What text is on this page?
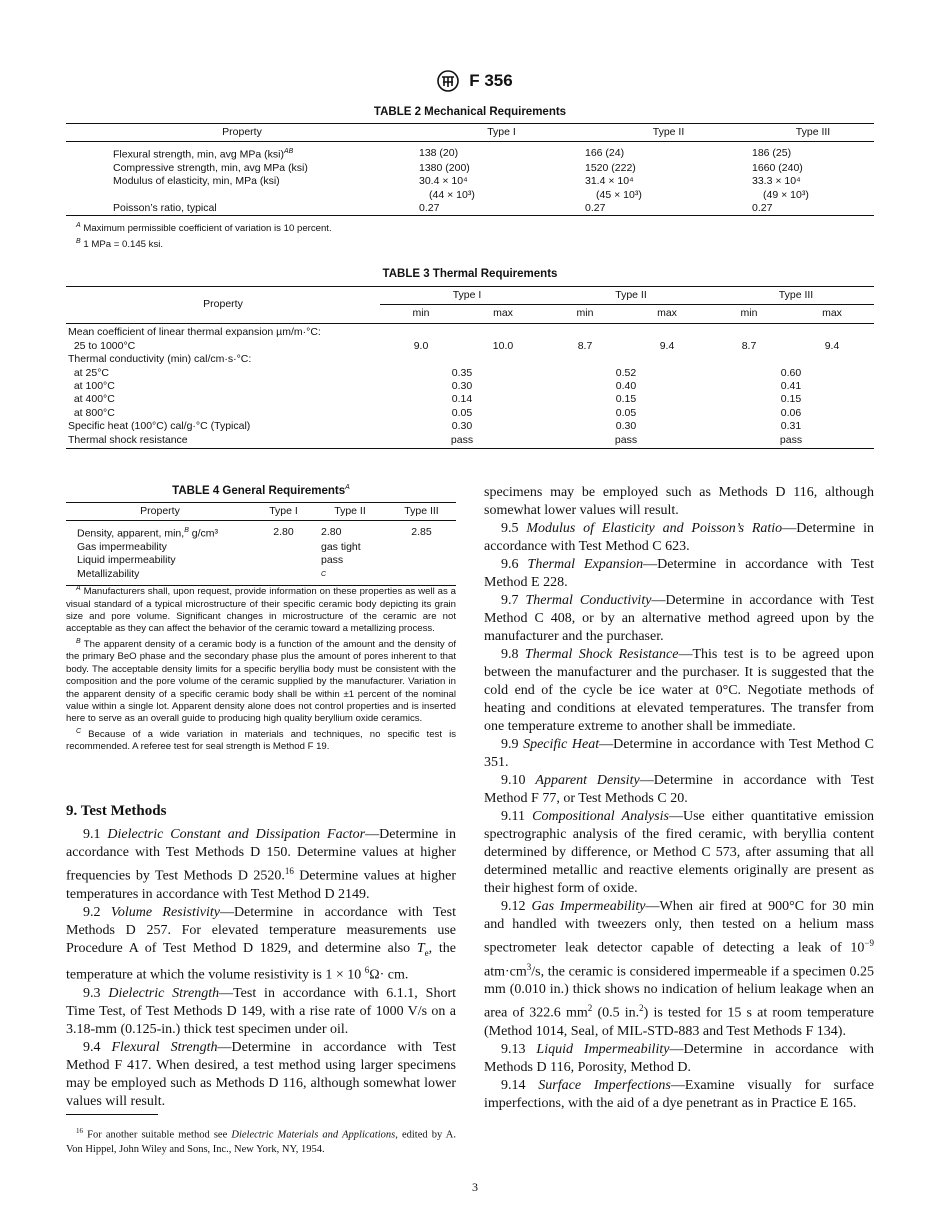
F 356
TABLE 2 Mechanical Requirements
Property	Type I	Type II	Type III

Flexural strength, min, avg MPa (ksi)$^{AB}$	138 (20)	166 (24)	186 (25)
Compressive strength, min, avg MPa (ksi)	1380 (200)	1520 (222)	1660 (240)
Modulus of elasticity, min, MPa (ksi)	30.4 × 10⁴	31.4 × 10⁴	33.3 × 10⁴
	(44 × 10³)	(45 × 10³)	(49 × 10³)
Poisson’s ratio, typical	0.27	0.27	0.27
$^A$ Maximum permissible coefficient of variation is 10 percent.
$^B$ 1 MPa = 0.145 ksi.
TABLE 3 Thermal Requirements
Property	Type I		Type II		Type III	
	min	max	min	max	min	max

Mean coefficient of linear thermal expansion µm/m·°C:						
25 to 1000°C	9.0	10.0	8.7	9.4	8.7	9.4
Thermal conductivity (min) cal/cm·s·°C:						
at 25°C	0.35		0.52		0.60	
at 100°C	0.30		0.40		0.41	
at 400°C	0.14		0.15		0.15	
at 800°C	0.05		0.05		0.06	
Specific heat (100°C) cal/g·°C (Typical)	0.30		0.30		0.31	
Thermal shock resistance	pass		pass		pass	

TABLE 4 General Requirements$^A$
Property	Type I	Type II	Type III

Density, apparent, min,$^B$ g/cm³	2.80	2.80	2.85
Gas impermeability		gas tight	
Liquid impermeability		pass	
Metallizability		$^C$	
$^A$ Manufacturers shall, upon request, provide information on these properties as well as a visual standard of a typical microstructure of their specific ceramic body depicting its grain size and pore volume. Significant changes in microstructure of the ceramic are not acceptable as they can affect the behavior of the ceramic toward a metallizing process.
$^B$ The apparent density of a ceramic body is a function of the amount and the density of the primary BeO phase and the secondary phase plus the amount of pores inherent to that body. The acceptable density limits for a specific beryllia body must be consistent with the composition and the pore volume of the ceramic supplied by the manufacturer. Variation in the apparent density of a specific ceramic body shall be within ±1 percent of the nominal value within a single lot. Apparent density alone does not control properties and is inserted here to serve as an overall guide to producing high quality beryllium oxide ceramics.
$^C$ Because of a wide variation in materials and techniques, no specific test is recommended. A referee test for seal strength is Method F 19.
9. Test Methods

9.1 Dielectric Constant and Dissipation Factor—Determine in accordance with Test Methods D 150. Determine values at higher frequencies by Test Methods D 2520.16 Determine values at higher temperatures in accordance with Test Method D 2149.

9.2 Volume Resistivity—Determine in accordance with Test Methods D 257. For elevated temperature measurements use Procedure A of Test Method D 1829, and determine also $T_e$, the temperature at which the volume resistivity is 1 × 10 $^6$Ω· cm.

9.3 Dielectric Strength—Test in accordance with 6.1.1, Short Time Test, of Test Methods D 149, with a rise rate of 1000 V/s on a 3.18-mm (0.125-in.) thick test specimen under oil.

9.4 Flexural Strength—Determine in accordance with Test Method F 417. When desired, a test method using larger specimens may be employed such as Methods D 116, although somewhat lower values will result.

$^{16}$ For another suitable method see Dielectric Materials and Applications, edited by A. Von Hippel, John Wiley and Sons, Inc., New York, NY, 1954.

specimens may be employed such as Methods D 116, although somewhat lower values will result.

9.5 Modulus of Elasticity and Poisson’s Ratio—Determine in accordance with Test Method C 623.

9.6 Thermal Expansion—Determine in accordance with Test Method E 228.

9.7 Thermal Conductivity—Determine in accordance with Test Method C 408, or by an alternative method agreed upon by the manufacturer and the purchaser.

9.8 Thermal Shock Resistance—This test is to be agreed upon between the manufacturer and the purchaser. It is suggested that the cold end of the cycle be ice water at 0°C. Negotiate methods of heating and conditions at elevated temperatures. The transfer from one temperature extreme to another shall be immediate.

9.9 Specific Heat—Determine in accordance with Test Method C 351.

9.10 Apparent Density—Determine in accordance with Test Method F 77, or Test Methods C 20.

9.11 Compositional Analysis—Use either quantitative emission spectrographic analysis of the fired ceramic, with beryllia content determined by difference, or Method C 573, after assuming that all determined metallic and reactive elements originally are present as their highest form of oxide.

9.12 Gas Impermeability—When air fired at 900°C for 30 min and handled with tweezers only, then tested on a helium mass spectrometer leak detector capable of detecting a leak of $10^{-9}$ $atm\cdot cm^3/s$, the ceramic is considered impermeable if a specimen 0.25 mm (0.010 in.) thick shows no indication of helium leakage when an area of 322.6 $mm^2$ (0.5 in.$^2$) is tested for 15 s at room temperature (Method 1014, Seal, of MIL-STD-883 and Test Methods F 134).

9.13 Liquid Impermeability—Determine in accordance with Methods D 116, Porosity, Method D.

9.14 Surface Imperfections—Examine visually for surface imperfections, with the aid of a dye penetrant as in Practice E 165.

3
